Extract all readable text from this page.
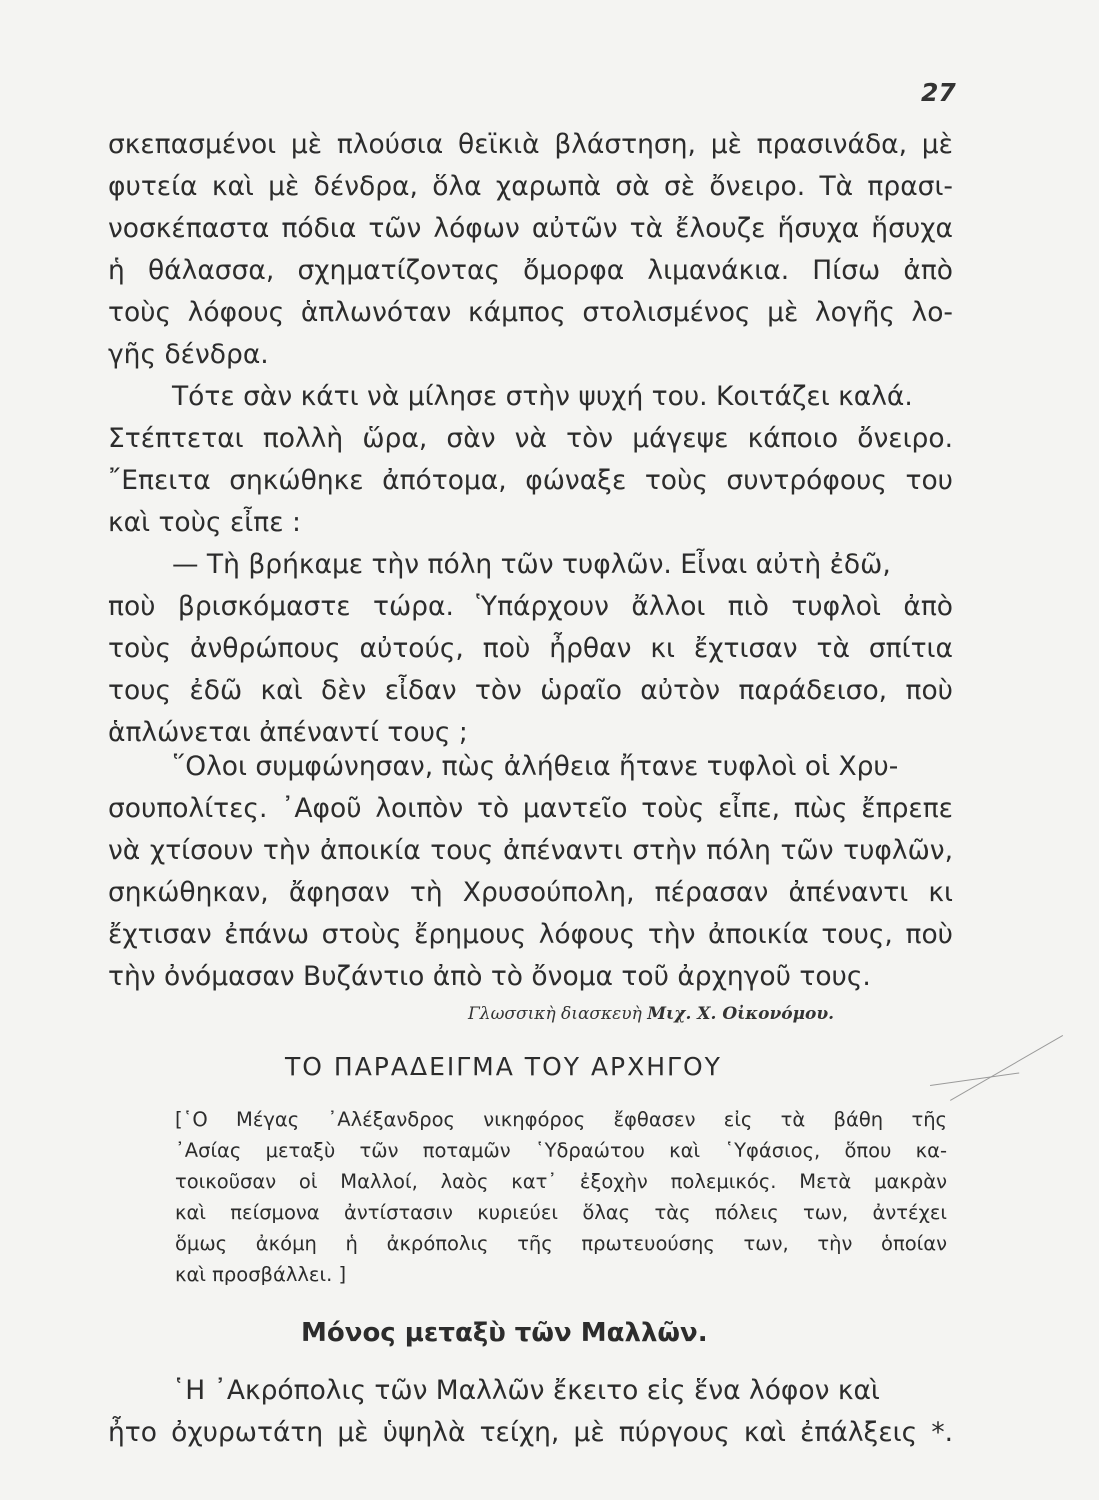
27
σκεπασμένοι μὲ πλούσια θεϊκιὰ βλάστηση, μὲ πρασινάδα, μὲ
φυτεία καὶ μὲ δένδρα, ὅλα χαρωπὰ σὰ σὲ ὄνειρο. Τὰ πρασι-
νοσκέπαστα πόδια τῶν λόφων αὐτῶν τὰ ἔλουζε ἥσυχα ἥσυχα
ἡ θάλασσα, σχηματίζοντας ὄμορφα λιμανάκια. Πίσω ἀπὸ
τοὺς λόφους ἁπλωνόταν κάμπος στολισμένος μὲ λογῆς λο-
γῆς δένδρα.
Τότε σὰν κάτι νὰ μίλησε στὴν ψυχή του. Κοιτάζει καλά.
Στέπτεται πολλὴ ὥρα, σὰν νὰ τὸν μάγεψε κάποιο ὄνειρο.
῎Επειτα σηκώθηκε ἀπότομα, φώναξε τοὺς συντρόφους του
καὶ τοὺς εἶπε :
— Τὴ βρήκαμε τὴν πόλη τῶν τυφλῶν. Εἶναι αὐτὴ ἐδῶ,
ποὺ βρισκόμαστε τώρα. Ὑπάρχουν ἄλλοι πιὸ τυφλοὶ ἀπὸ
τοὺς ἀνθρώπους αὐτούς, ποὺ ἦρθαν κι ἔχτισαν τὰ σπίτια
τους ἐδῶ καὶ δὲν εἶδαν τὸν ὡραῖο αὐτὸν παράδεισο, ποὺ
ἁπλώνεται ἀπέναντί τους ;
῞Ολοι συμφώνησαν, πὼς ἀλήθεια ἤτανε τυφλοὶ οἱ Χρυ-
σουπολίτες. ᾿Αφοῦ λοιπὸν τὸ μαντεῖο τοὺς εἶπε, πὼς ἔπρεπε
νὰ χτίσουν τὴν ἀποικία τους ἀπέναντι στὴν πόλη τῶν τυφλῶν,
σηκώθηκαν, ἄφησαν τὴ Χρυσούπολη, πέρασαν ἀπέναντι κι
ἔχτισαν ἐπάνω στοὺς ἔρημους λόφους τὴν ἀποικία τους, ποὺ
τὴν ὀνόμασαν Βυζάντιο ἀπὸ τὸ ὄνομα τοῦ ἀρχηγοῦ τους.
Γλωσσικὴ διασκευὴ Μιχ. Χ. Οἰκονόμου.
ΤΟ ΠΑΡΑΔΕΙΓΜΑ ΤΟΥ ΑΡΧΗΓΟΥ
[῾Ο Μέγας ᾿Αλέξανδρος νικηφόρος ἔφθασεν εἰς τὰ βάθη τῆς
᾿Ασίας μεταξὺ τῶν ποταμῶν ῾Υδραώτου καὶ ῾Υφάσιος, ὅπου κα-
τοικοῦσαν οἱ Μαλλοί, λαὸς κατ᾿ ἐξοχὴν πολεμικός. Μετὰ μακρὰν
καὶ πείσμονα ἀντίστασιν κυριεύει ὅλας τὰς πόλεις των, ἀντέχει
ὅμως ἀκόμη ἡ ἀκρόπολις τῆς πρωτευούσης των, τὴν ὁποίαν
καὶ προσβάλλει. ]
Μόνος μεταξὺ τῶν Μαλλῶν.
῾Η ᾿Ακρόπολις τῶν Μαλλῶν ἔκειτο εἰς ἕνα λόφον καὶ
ἦτο ὀχυρωτάτη μὲ ὑψηλὰ τείχη, μὲ πύργους καὶ ἐπάλξεις *.
